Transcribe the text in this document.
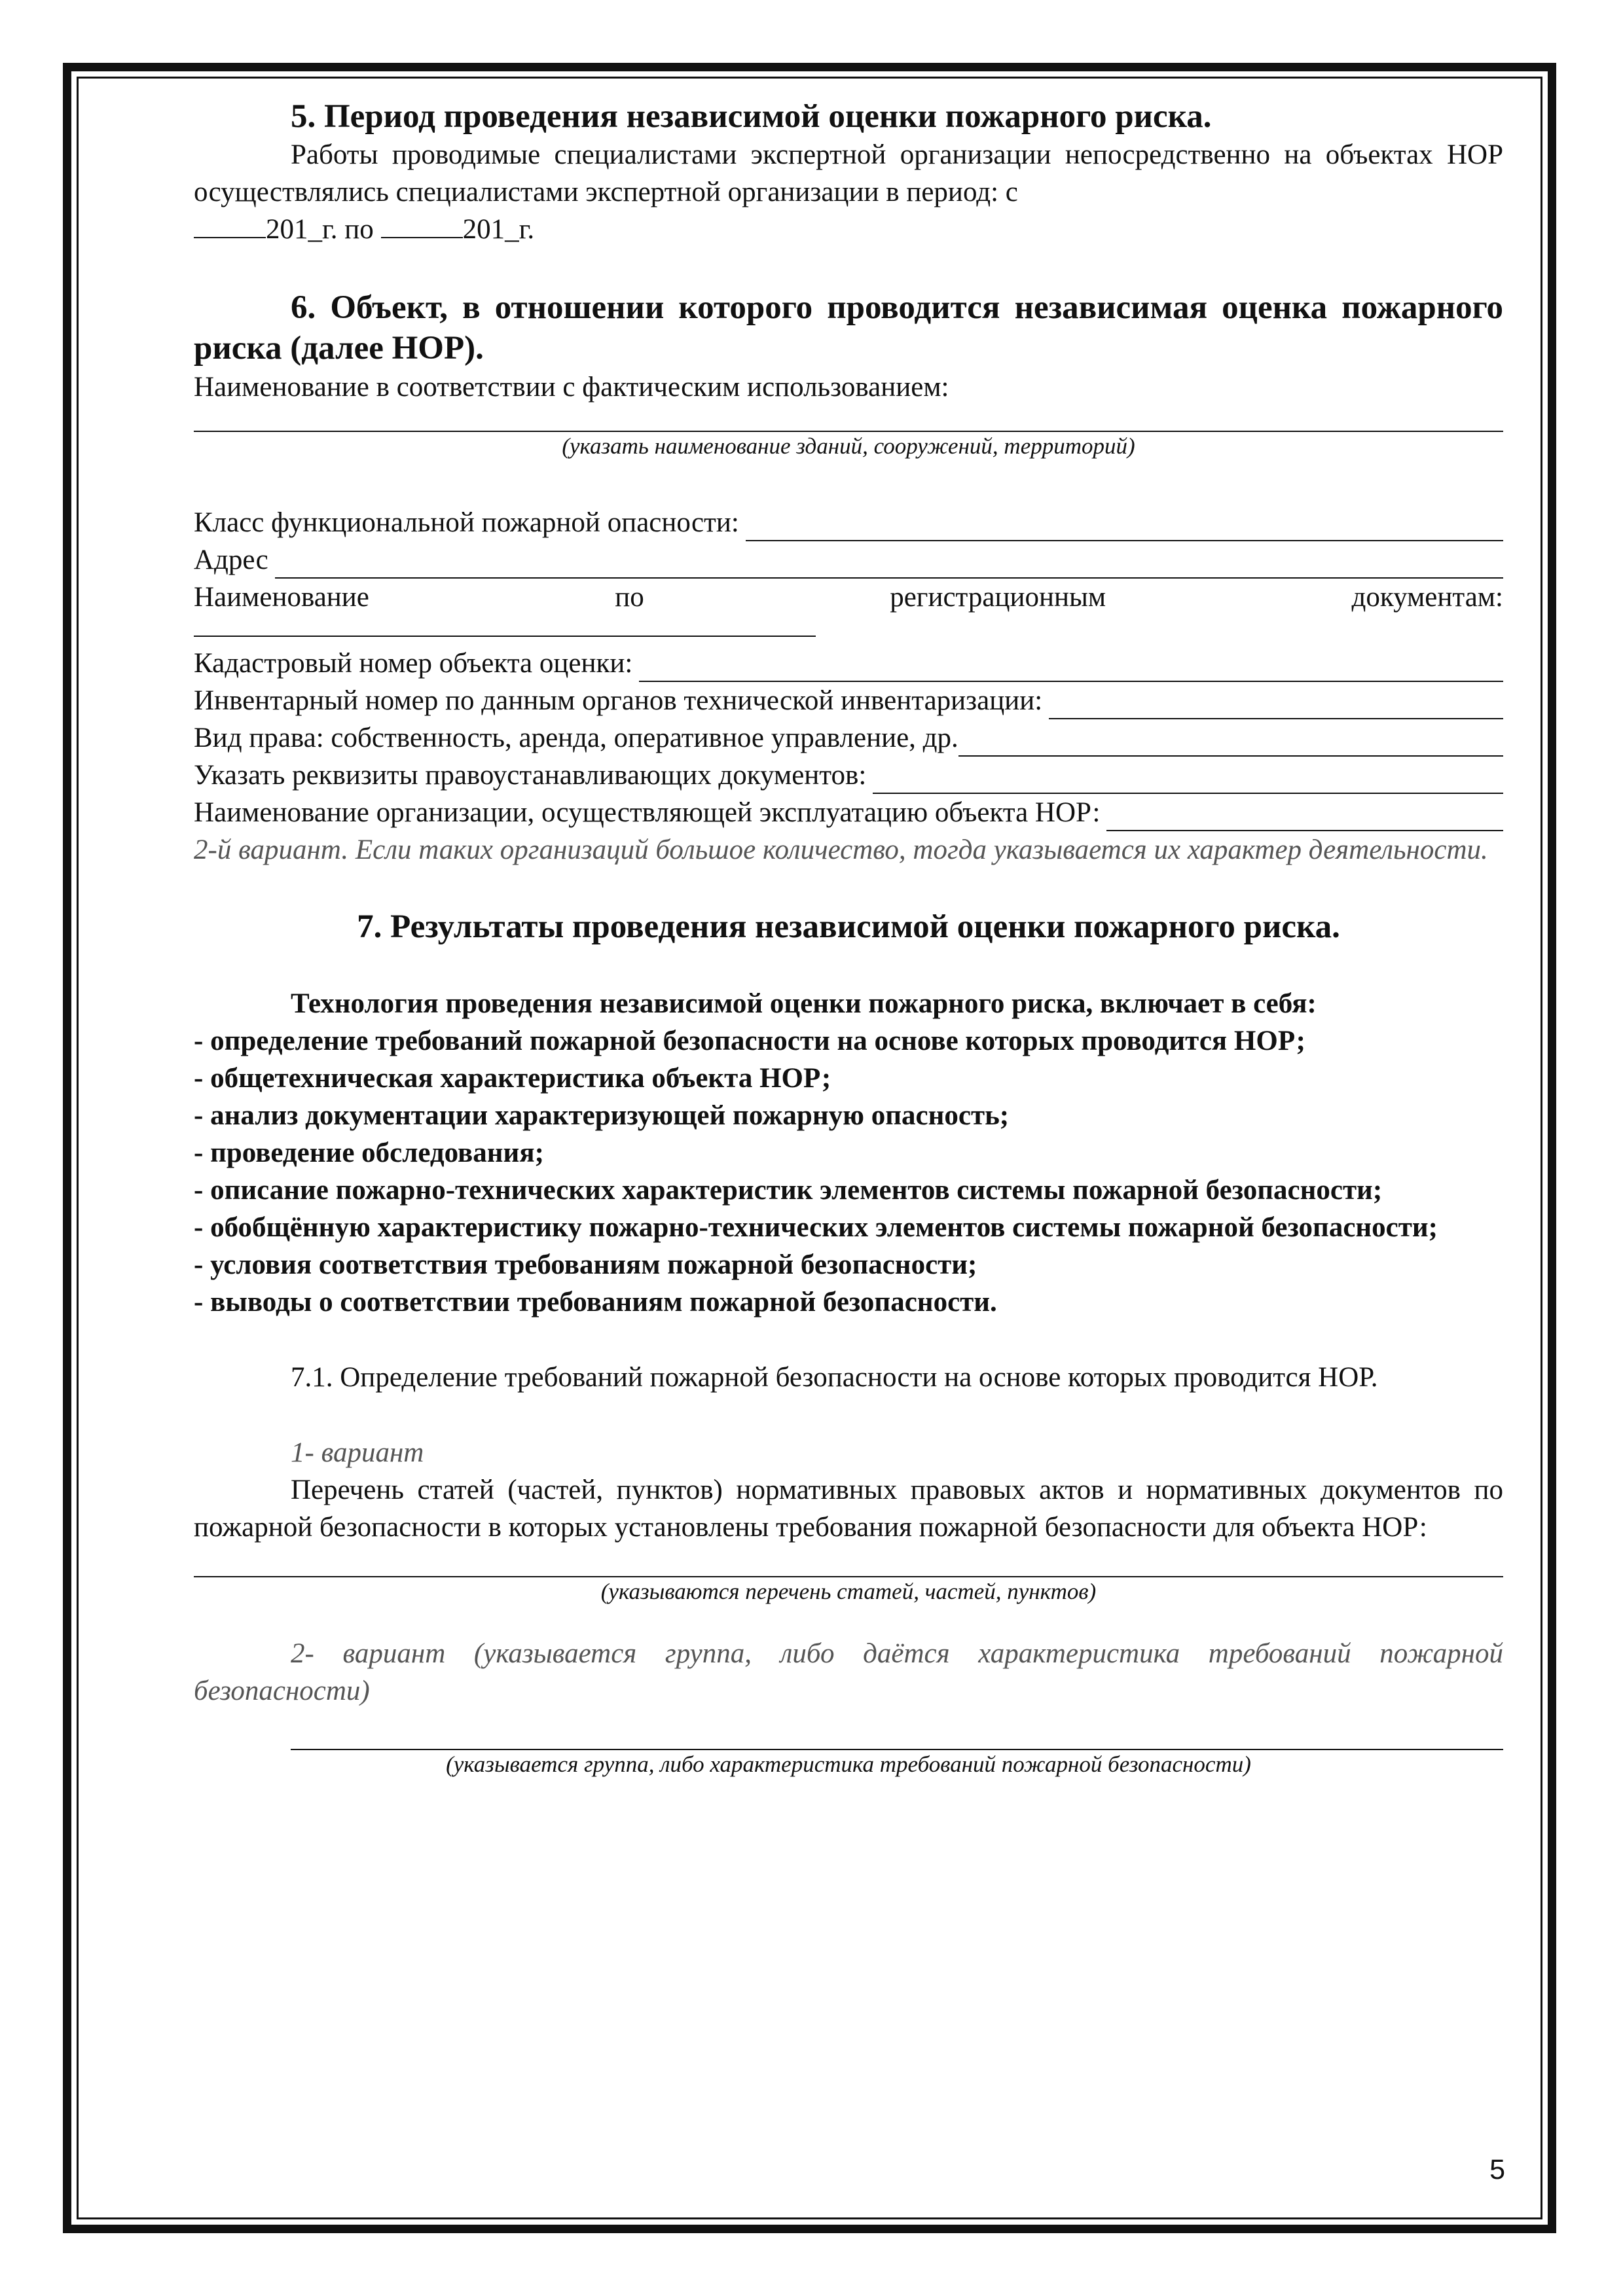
5. Период проведения независимой оценки пожарного риска.

Работы проводимые специалистами экспертной организации непосредственно на объектах НОР осуществлялись специалистами экспертной организации в период: с

201_г. по	201_г.

6. Объект, в отношении которого проводится независимая оценка пожарного риска (далее НОР).

Наименование в соответствии с фактическим использованием:

(указать наименование зданий, сооружений, территорий)

Класс функциональной пожарной опасности:
Адрес
Наименование	по	регистрационным	документам:
Кадастровый номер объекта оценки:
Инвентарный номер по данным органов технической инвентаризации:
Вид права: собственность, аренда, оперативное управление, др.
Указать реквизиты правоустанавливающих документов:
Наименование организации, осуществляющей эксплуатацию объекта НОР:

2-й вариант. Если таких организаций большое количество, тогда указывается их характер деятельности.

7. Результаты проведения независимой оценки пожарного риска.

Технология проведения независимой оценки пожарного риска, включает в себя:

- определение требований пожарной безопасности на основе которых проводится НОР;

- общетехническая характеристика объекта НОР;

- анализ документации характеризующей пожарную опасность;

- проведение обследования;

- описание пожарно-технических характеристик элементов системы пожарной безопасности;

- обобщённую характеристику пожарно-технических элементов системы пожарной безопасности;

- условия соответствия требованиям пожарной безопасности;

- выводы о соответствии требованиям пожарной безопасности.

7.1. Определение требований пожарной безопасности на основе которых проводится НОР.

1- вариант

Перечень статей (частей, пунктов) нормативных правовых актов и нормативных документов по пожарной безопасности в которых установлены требования пожарной безопасности для объекта НОР:

(указываются перечень статей, частей, пунктов)

2- вариант (указывается группа, либо даётся характеристика требований пожарной безопасности)

(указывается группа, либо характеристика требований пожарной безопасности)

5
